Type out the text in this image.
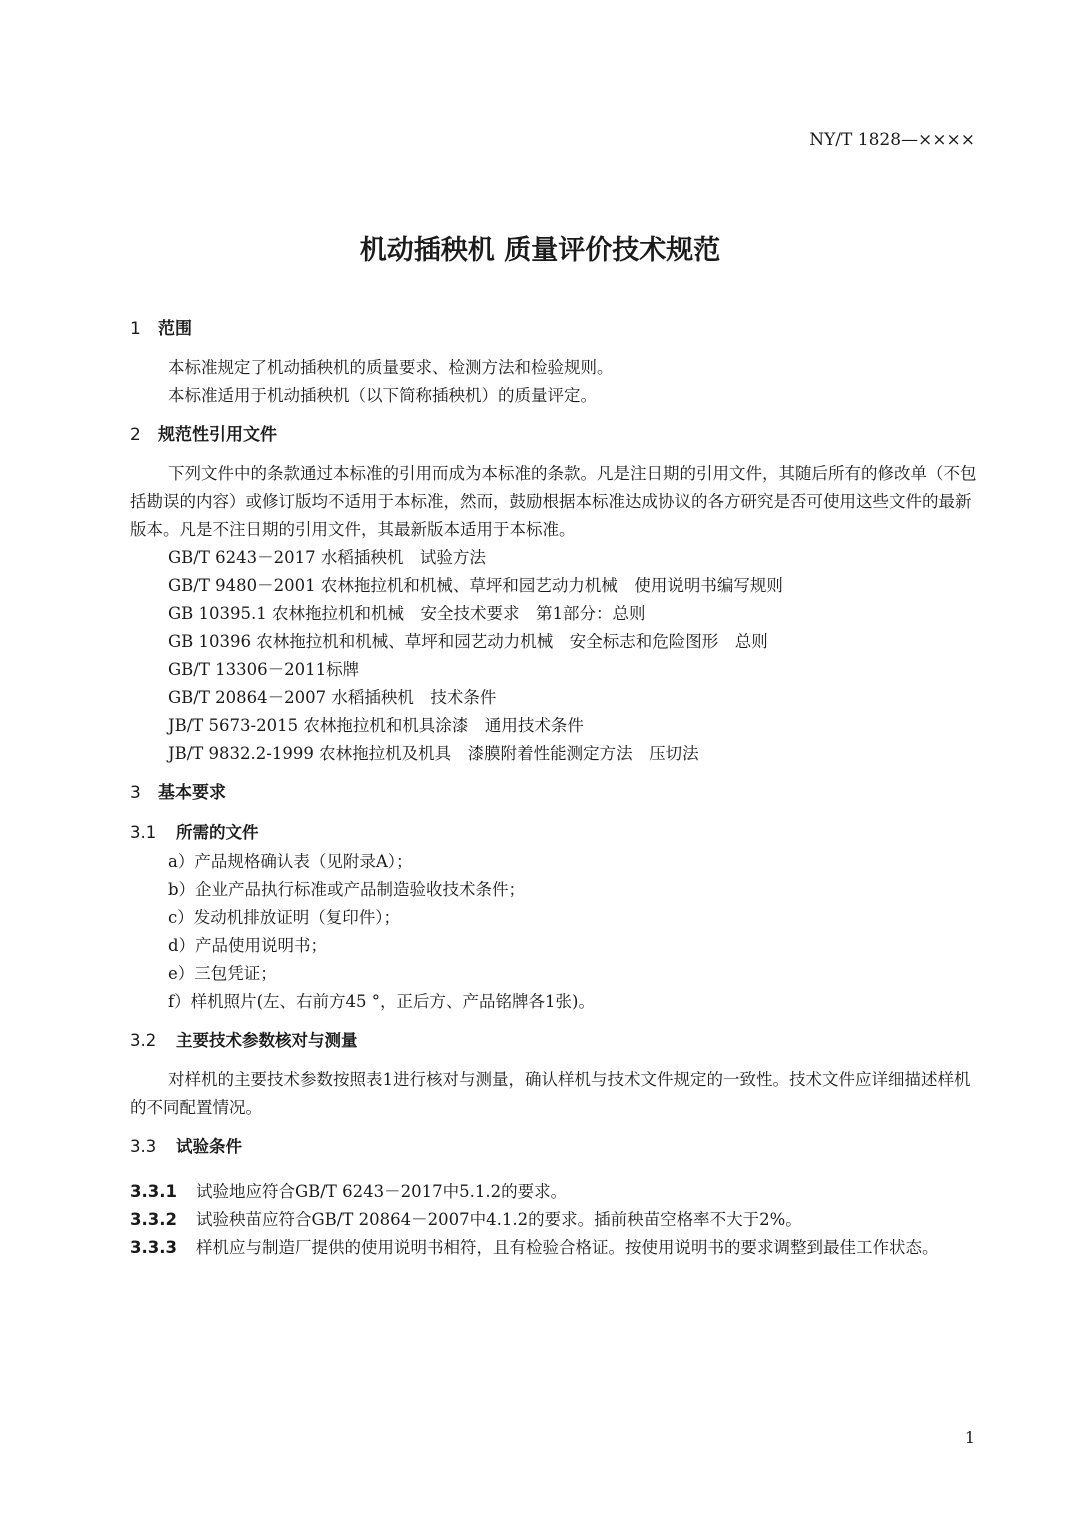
NY/T 1828—××××
机动插秧机 质量评价技术规范
1 范围

本标准规定了机动插秧机的质量要求、检测方法和检验规则。

本标准适用于机动插秧机（以下简称插秧机）的质量评定。

2 规范性引用文件

下列文件中的条款通过本标准的引用而成为本标准的条款。凡是注日期的引用文件，其随后所有的修改单（不包括勘误的内容）或修订版均不适用于本标准，然而，鼓励根据本标准达成协议的各方研究是否可使用这些文件的最新版本。凡是不注日期的引用文件，其最新版本适用于本标准。

GB/T 6243－2017 水稻插秧机　试验方法
GB/T 9480－2001 农林拖拉机和机械、草坪和园艺动力机械　使用说明书编写规则
GB 10395.1 农林拖拉机和机械　安全技术要求　第1部分：总则
GB 10396 农林拖拉机和机械、草坪和园艺动力机械　安全标志和危险图形　总则
GB/T 13306－2011标牌
GB/T 20864－2007 水稻插秧机　技术条件
JB/T 5673-2015 农林拖拉机和机具涂漆　通用技术条件
JB/T 9832.2-1999 农林拖拉机及机具　漆膜附着性能测定方法　压切法
3 基本要求
3.1 所需的文件
a）产品规格确认表（见附录A）；
b）企业产品执行标准或产品制造验收技术条件；
c）发动机排放证明（复印件）；
d）产品使用说明书；
e）三包凭证；
f）样机照片(左、右前方45 °，正后方、产品铭牌各1张)。
3.2 主要技术参数核对与测量

对样机的主要技术参数按照表1进行核对与测量，确认样机与技术文件规定的一致性。技术文件应详细描述样机的不同配置情况。

3.3 试验条件
3.3.1 试验地应符合GB/T 6243－2017中5.1.2的要求。
3.3.2 试验秧苗应符合GB/T 20864－2007中4.1.2的要求。插前秧苗空格率不大于2%。
3.3.3 样机应与制造厂提供的使用说明书相符，且有检验合格证。按使用说明书的要求调整到最佳工作状态。
1
